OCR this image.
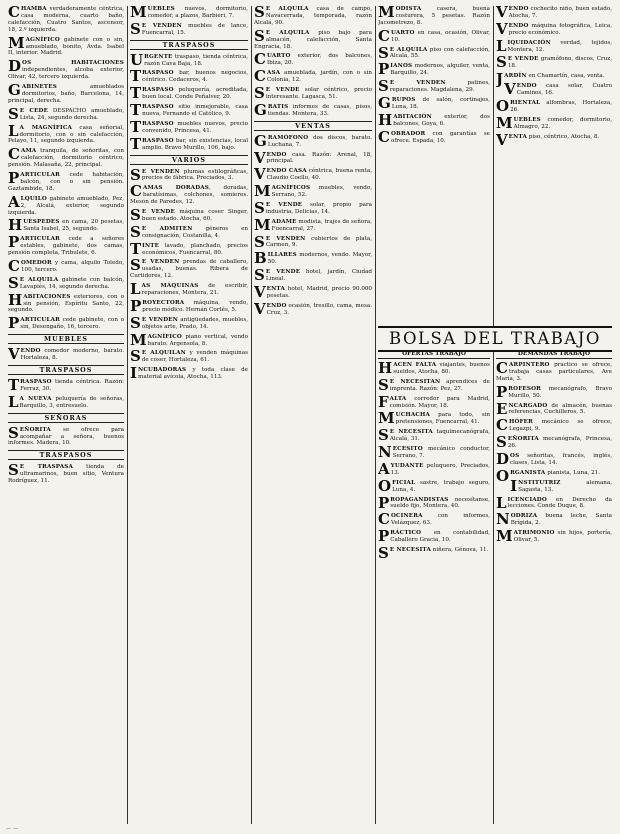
CHAMBA verdaderamente céntrica, casa moderna, cuarto baño, calefacción, Cuatro Santos, ascensor, 18, 2.º izquierda.
MAGNÍFICO gabinete con o sin, amueblado, bonito, Avda. Isabel II, interior. Madrid.
DOS HABITACIONES independientes, alcoba exterior, Olivar, 42, tercero izquierda.
GABINETES amueblados dormitorios, baño, Barcelona, 14, principal, derecha.
S E CEDE DESPACHO amueblado, Lista, 24, segundo derecha.
L A MAGNÍFICA casa señorial, dormitorio, con o sin calefacción, Pelayo, 11, segundo izquierda.
CAMA tranquila, de señoritas, con calefacción, dormitorio céntrico, pensión. Malasaña, 22, principal.
PARTICULAR cede habitación, balcón, con o sin pensión. Gaztambide, 18.
ALQUILO gabinete amueblado, Pez, 2, Alcalá, exterior, segundo izquierda.
HUÉSPEDES en cama, 20 pesetas, Santa Isabel, 25, segundo.
PARTICULAR cede a señores estables, gabinete, dos camas, pensión completa, Tribulete, 6.
COMEDOR y cama, alquilo Toledo, 100, tercero.
S E ALQUILA gabinete con balcón, Lavapiés, 14, segundo derecha.
HABITACIONES exteriores, con o sin pensión, Espíritu Santo, 22, segundo.
PARTICULAR cede gabinete, con o sin, Desengaño, 16, tercero.
MUEBLES
VENDO comedor moderno, barato. Hortaleza, 8.
TRASPASOS
TRASPASO tienda céntrica. Razón: Ferraz, 30.
L A NUEVA peluquería de señoras, Barquillo, 3, entresuelo.
SEÑORAS
SEÑORITA se ofrece para acompañar a señora, buenos informes. Madera, 10.
TRASPASOS
S E TRASPASA tienda de ultramarinos, buen sitio, Ventura Rodríguez, 11.
MUEBLES nuevos, dormitorio, comedor, a plazos, Barbieri, 7.
S E VENDEN muebles de lance, Fuencarral, 15.
TRASPASOS
URGENTE traspaso, tienda céntrica, razón Cava Baja, 18.
TRASPASO bar, buenos negocios, céntrico. Cedaceros, 4.
TRASPASO peluquería, acreditada, buen local. Conde Peñalver, 20.
TRASPASO sitio inmejorable, casa nueva, Fernando el Católico, 9.
TRASPASO muebles nuevos, precio convenido, Princesa, 41.
TRASPASO bar, sin existencias, local amplio. Bravo Murillo, 106, bajo.
VARIOS
S E VENDEN plumas estilográficas, precios de fábrica. Preciados, 3.
CAMAS DORADAS, doradas, baratísimas, colchones, somieres. Mesón de Paredes, 12.
S E VENDE máquina coser Singer, buen estado. Atocha, 60.
S E ADMITEN géneros en consignación, Costanilla, 4.
TINTE lavado, planchado, precios económicos, Fuencarral, 80.
S E VENDEN prendas de caballero, usadas, buenas. Ribera de Curtidores, 12.
LAS MÁQUINAS de escribir, reparaciones, Montera, 21.
PROYECTORA máquina, vendo, precio módico. Hernán Cortés, 5.
S E VENDEN antigüedades, muebles, objetos arte, Prado, 14.
MAGNÍFICO piano vertical, vendo barato. Argensola, 8.
S E ALQUILAN y venden máquinas de coser, Hortaleza, 61.
INCUBADORAS y toda clase de material avícola, Atocha, 113.
S E ALQUILA casa de campo, Navacerrada, temporada, razón Alcalá, 90.
S E ALQUILA piso bajo para almacén, calefacción, Santa Engracia, 18.
CUARTO exterior, dos balcones, Ibiza, 20.
CASA amueblada, jardín, con o sin Colonia, 12.
S E VENDE solar céntrico, precio interesante. Lagasca, 51.
GRATIS informes de casas, pisos, tiendas. Montera, 33.
VENTAS
GRAMÓFONO dos discos, barato. Luchana, 7.
VENDO casa. Razón: Arenal, 18, principal.
VENDO CASA céntrica, buena renta, Claudio Coello, 40.
MAGNÍFICOS muebles, vendo, Serrano, 52.
S E VENDE solar, propio para industria, Delicias, 14.
MADAME modista, trajes de señora, Fuencarral, 27.
S E VENDEN cubiertos de plata, Carmen, 9.
BILLARES modernos, vendo. Mayor, 50.
S E VENDE hotel, jardín, Ciudad Lineal.
VENTA hotel, Madrid, precio 90.000 pesetas.
VENDO ocasión, tresillo, cama, mesa. Cruz, 3.
MODISTA casera, buena costurera, 5 pesetas. Razón Jacometrezo, 8.
CUARTO en casa, ocasión, Olivar, 10.
S E ALQUILA piso con calefacción, Alcalá, 55.
PIANOS modernos, alquiler, venta, Barquillo, 24.
S E VENDEN patines, reparaciones. Magdalena, 29.
GRUPOS de salón, cortinajes, Luna, 18.
HABITACIÓN exterior, dos balcones, Goya, 6.
COBRADOR con garantías se ofrece. Espada, 10.
VENDO cochecito niño, buen estado, Atocha, 7.
VENDO máquina fotográfica, Leica, precio económico.
LIQUIDACIÓN verdad, tejidos, Montera, 12.
S E VENDE gramófono, discos, Cruz, 18.
JARDÍN en Chamartín, casa, venta.
VENDO casa solar, Cuatro Caminos, 16.
ORIENTAL alfombras, Hortaleza, 26.
MUEBLES comedor, dormitorio, Almagro, 22.
VENTA piso, céntrico, Atocha, 8.
BOLSA DEL TRABAJO
OFERTAS TRABAJO	DEMANDAS TRABAJO
HACEN FALTA viajantes, buenos sueldos, Atocha, 80.
S E NECESITAN aprendices de imprenta. Razón: Pez, 27.
FALTA corredor para Madrid, comisión. Mayor, 18.
MUCHACHA para todo, sin pretensiones, Fuencarral, 41.
S E NECESITA taquimecanógrafa, Alcalá, 31.
NECESITO mecánico conductor, Serrano, 7.
AYUDANTE peluquero, Preciados, 13.
OFICIAL sastre, trabajo seguro, Luna, 4.
PROPAGANDISTAS necesítanse, sueldo fijo, Montera, 40.
COCINERA con informes, Velázquez, 63.
PRÁCTICO en contabilidad, Caballero Gracia, 10.
S E NECESITA niñera, Génova, 11.
CARPINTERO práctico se ofrece, trabaja casas particulares, Ave María, 3.
PROFESOR mecanógrafo, Bravo Murillo, 50.
ENCARGADO de almacén, buenas referencias, Cuchilleros, 5.
CHÓFER mecánico se ofrece, Legazpi, 9.
SEÑORITA mecanógrafa, Princesa, 26.
DOS señoritas, francés, inglés, clases, Lista, 14.
ORGANISTA pianista, Luna, 21.
INSTITUTRIZ alemana, Sagasta, 13.
LICENCIADO en Derecho da lecciones. Conde Duque, 8.
NODRIZA buena leche, Santa Brígida, 2.
MATRIMONIO sin hijos, portería, Olivar, 5.
— —
